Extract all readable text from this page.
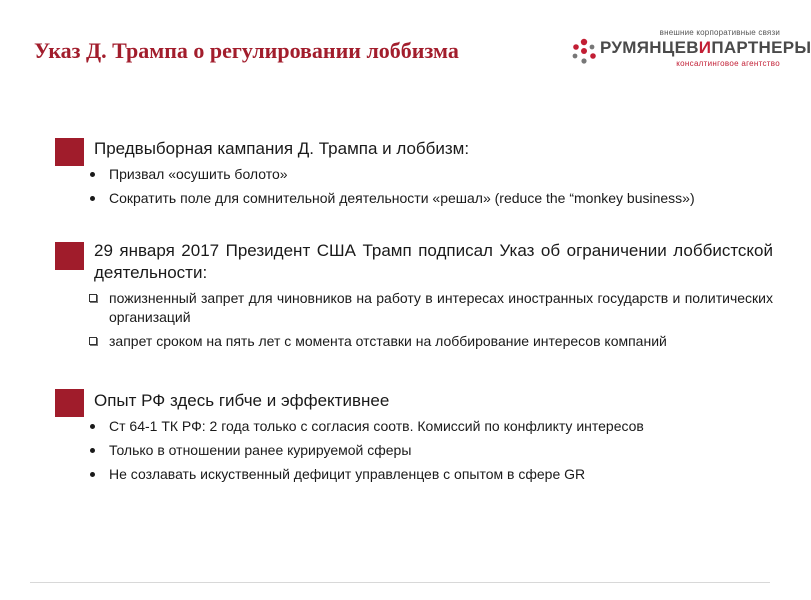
Указ Д. Трампа о регулировании лоббизма
внешние корпоративные связи
РУМЯНЦЕВИПАРТНЕРЫ
консалтинговое агентство
Предвыборная кампания Д. Трампа и лоббизм:
Призвал «осушить болото»
Сократить поле для сомнительной деятельности «решал» (reduce the “monkey business»)
29 января 2017 Президент США Трамп подписал Указ об ограничении лоббистской деятельности:
пожизненный запрет для чиновников на работу в интересах иностранных государств и политических организаций
запрет сроком на пять лет с момента отставки на лоббирование интересов компаний
Опыт РФ здесь гибче и эффективнее
Ст 64-1 ТК РФ: 2 года только с согласия соотв. Комиссий по конфликту интересов
Только в отношении ранее курируемой сферы
Не созлавать искуственный дефицит управленцев с опытом в сфере GR
